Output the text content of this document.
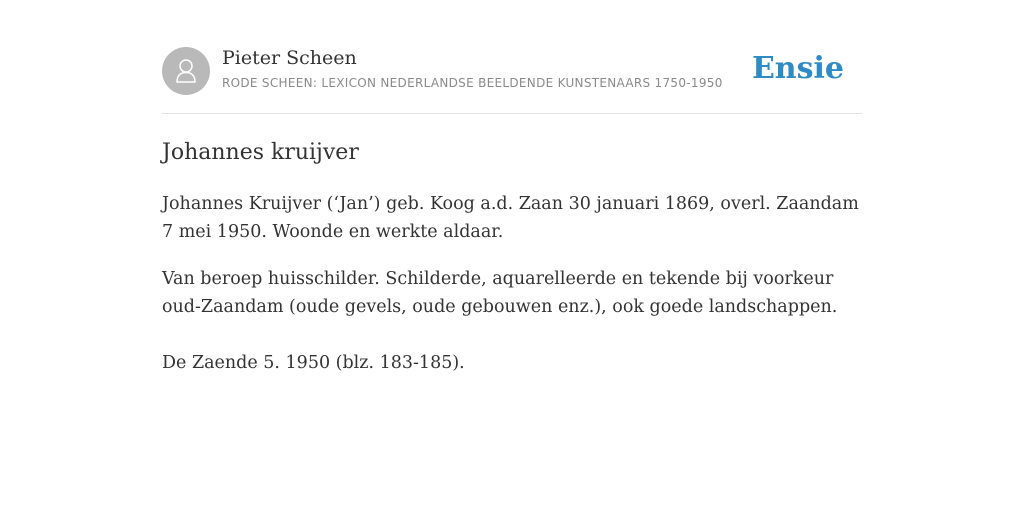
Pieter Scheen
RODE SCHEEN: LEXICON NEDERLANDSE BEELDENDE KUNSTENAARS 1750-1950 Ensie
Johannes kruijver

Johannes Kruijver (‘Jan’) geb. Koog a.d. Zaan 30 januari 1869, overl. Zaandam 7 mei 1950. Woonde en werkte aldaar.

Van beroep huisschilder. Schilderde, aquarelleerde en tekende bij voorkeur oud-Zaandam (oude gevels, oude gebouwen enz.), ook goede landschappen.

De Zaende 5. 1950 (blz. 183-185).
